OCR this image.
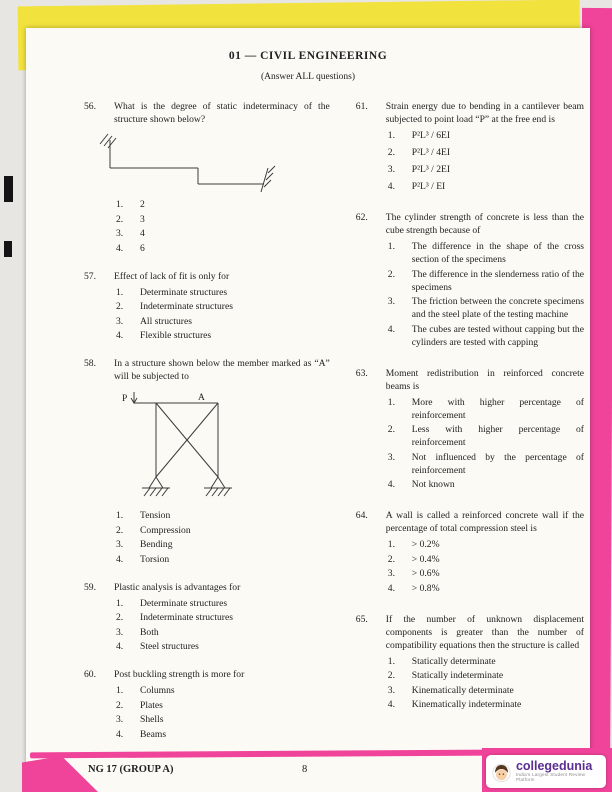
01 — CIVIL ENGINEERING
(Answer ALL questions)
56.	What is the degree of static indeterminacy of the structure shown below?
1.	2
2.	3
3.	4
4.	6
57.	Effect of lack of fit is only for
1.	Determinate structures
2.	Indeterminate structures
3.	All structures
4.	Flexible structures
58.	In a structure shown below the member marked as “A” will be subjected to
P	A
1.	Tension
2.	Compression
3.	Bending
4.	Torsion
59.	Plastic analysis is advantages for
1.	Determinate structures
2.	Indeterminate structures
3.	Both
4.	Steel structures
60.	Post buckling strength is more for
1.	Columns
2.	Plates
3.	Shells
4.	Beams
61.	Strain energy due to bending in a cantilever beam subjected to point load “P” at the free end is
1.	P²L³ / 6EI
2.	P²L³ / 4EI
3.	P²L³ / 2EI
4.	P²L³ / EI
62.	The cylinder strength of concrete is less than the cube strength because of
1.	The difference in the shape of the cross section of the specimens
2.	The difference in the slenderness ratio of the specimens
3.	The friction between the concrete specimens and the steel plate of the testing machine
4.	The cubes are tested without capping but the cylinders are tested with capping
63.	Moment redistribution in reinforced concrete beams is
1.	More with higher percentage of reinforcement
2.	Less with higher percentage of reinforcement
3.	Not influenced by the percentage of reinforcement
4.	Not known
64.	A wall is called a reinforced concrete wall if the percentage of total compression steel is
1.	> 0.2%
2.	> 0.4%
3.	> 0.6%
4.	> 0.8%
65.	If the number of unknown displacement components is greater than the number of compatibility equations then the structure is called
1.	Statically determinate
2.	Statically indeterminate
3.	Kinematically determinate
4.	Kinematically indeterminate
NG 17 (GROUP A)	8	collegedunia
India's Largest Student Review Platform
